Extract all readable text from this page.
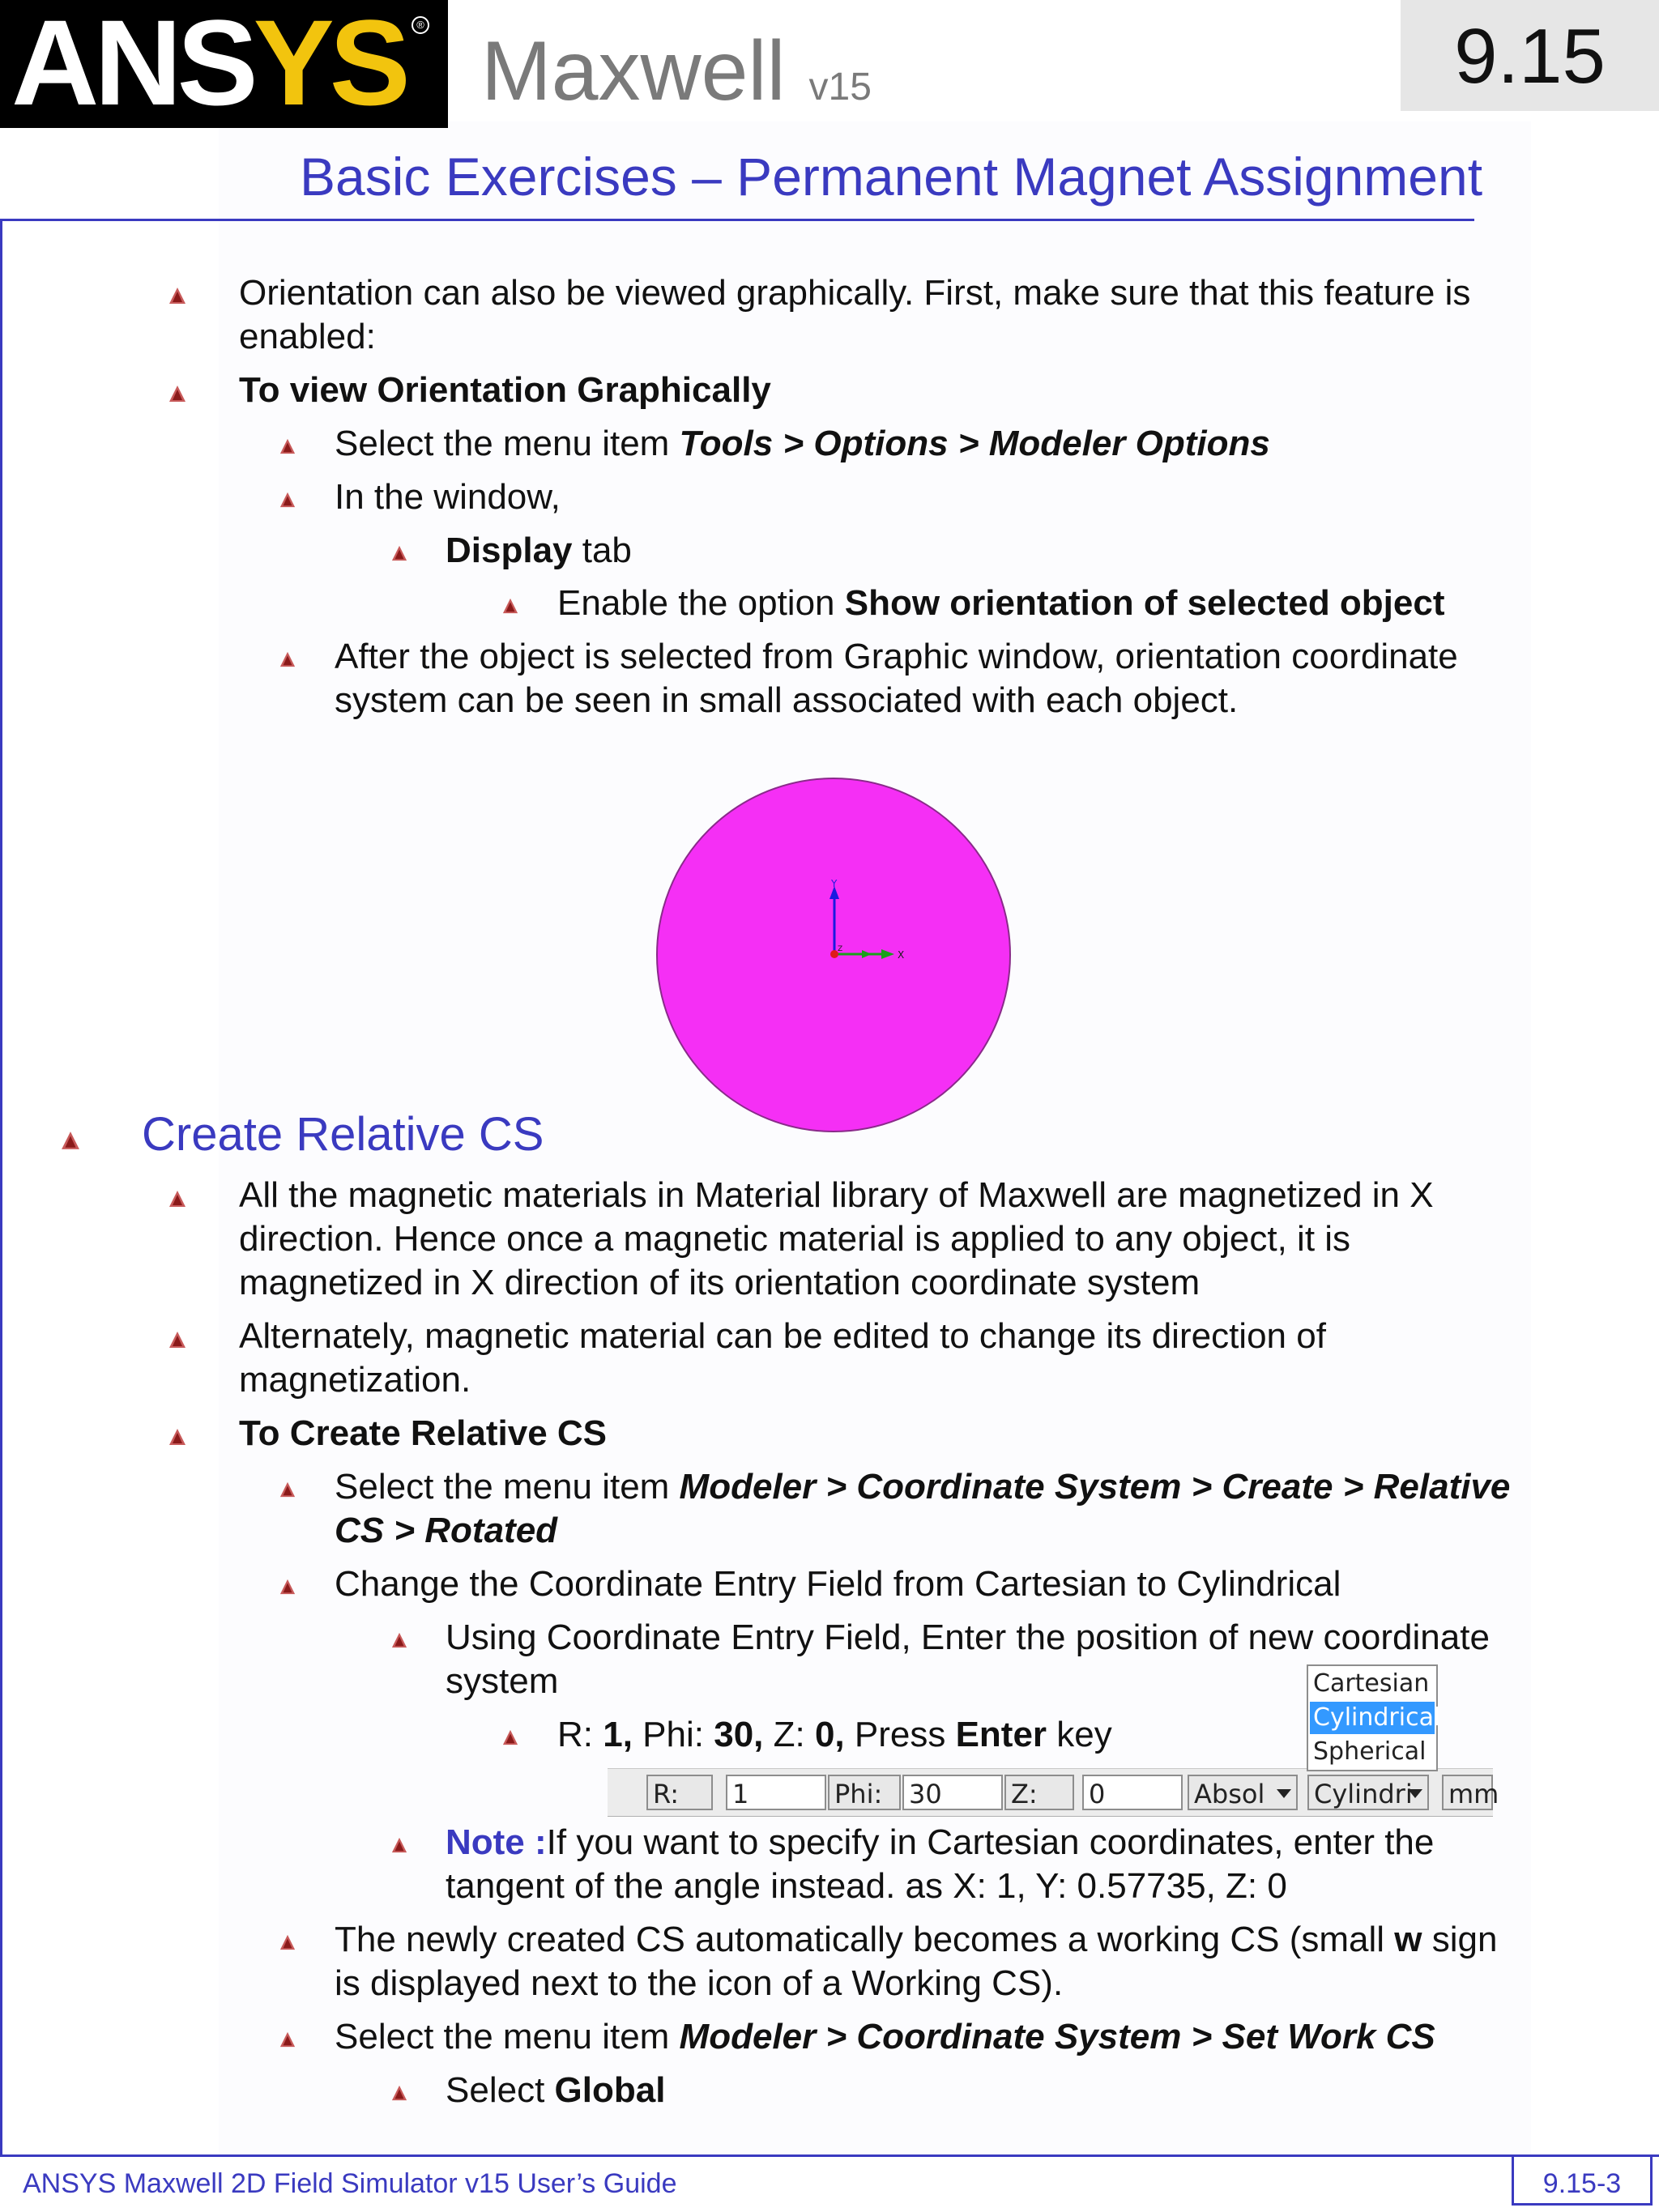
ANSYS	® Maxwell v15	9.15
Basic Exercises – Permanent Magnet Assignment
Orientation can also be viewed graphically. First, make sure that this feature is
enabled:
To view Orientation Graphically
Select the menu item Tools > Options > Modeler Options
In the window,
Display tab
Enable the option Show orientation of selected object
After the object is selected from Graphic window, orientation coordinate
system can be seen in small associated with each object.
Y
X
Z
Create Relative CS
All the magnetic materials in Material library of Maxwell are magnetized in X
direction. Hence once a magnetic material is applied to any object, it is
magnetized in X direction of its orientation coordinate system
Alternately, magnetic material can be edited to change its direction of
magnetization.
To Create Relative CS
Select the menu item Modeler > Coordinate System > Create > Relative
CS > Rotated
Change the Coordinate Entry Field from Cartesian to Cylindrical
Using Coordinate Entry Field, Enter the position of new coordinate
system
R: 1, Phi: 30, Z: 0, Press Enter key
R:	1	Phi:	30	Z:	0	Absol	Cylindri	mm
Cartesian
Cylindrical
Spherical
Note :If you want to specify in Cartesian coordinates, enter the
tangent of the angle instead. as X: 1, Y: 0.57735, Z: 0
The newly created CS automatically becomes a working CS (small w sign
is displayed next to the icon of a Working CS).
Select the menu item Modeler > Coordinate System > Set Work CS
Select Global
ANSYS Maxwell 2D Field Simulator v15 User’s Guide	9.15-3
